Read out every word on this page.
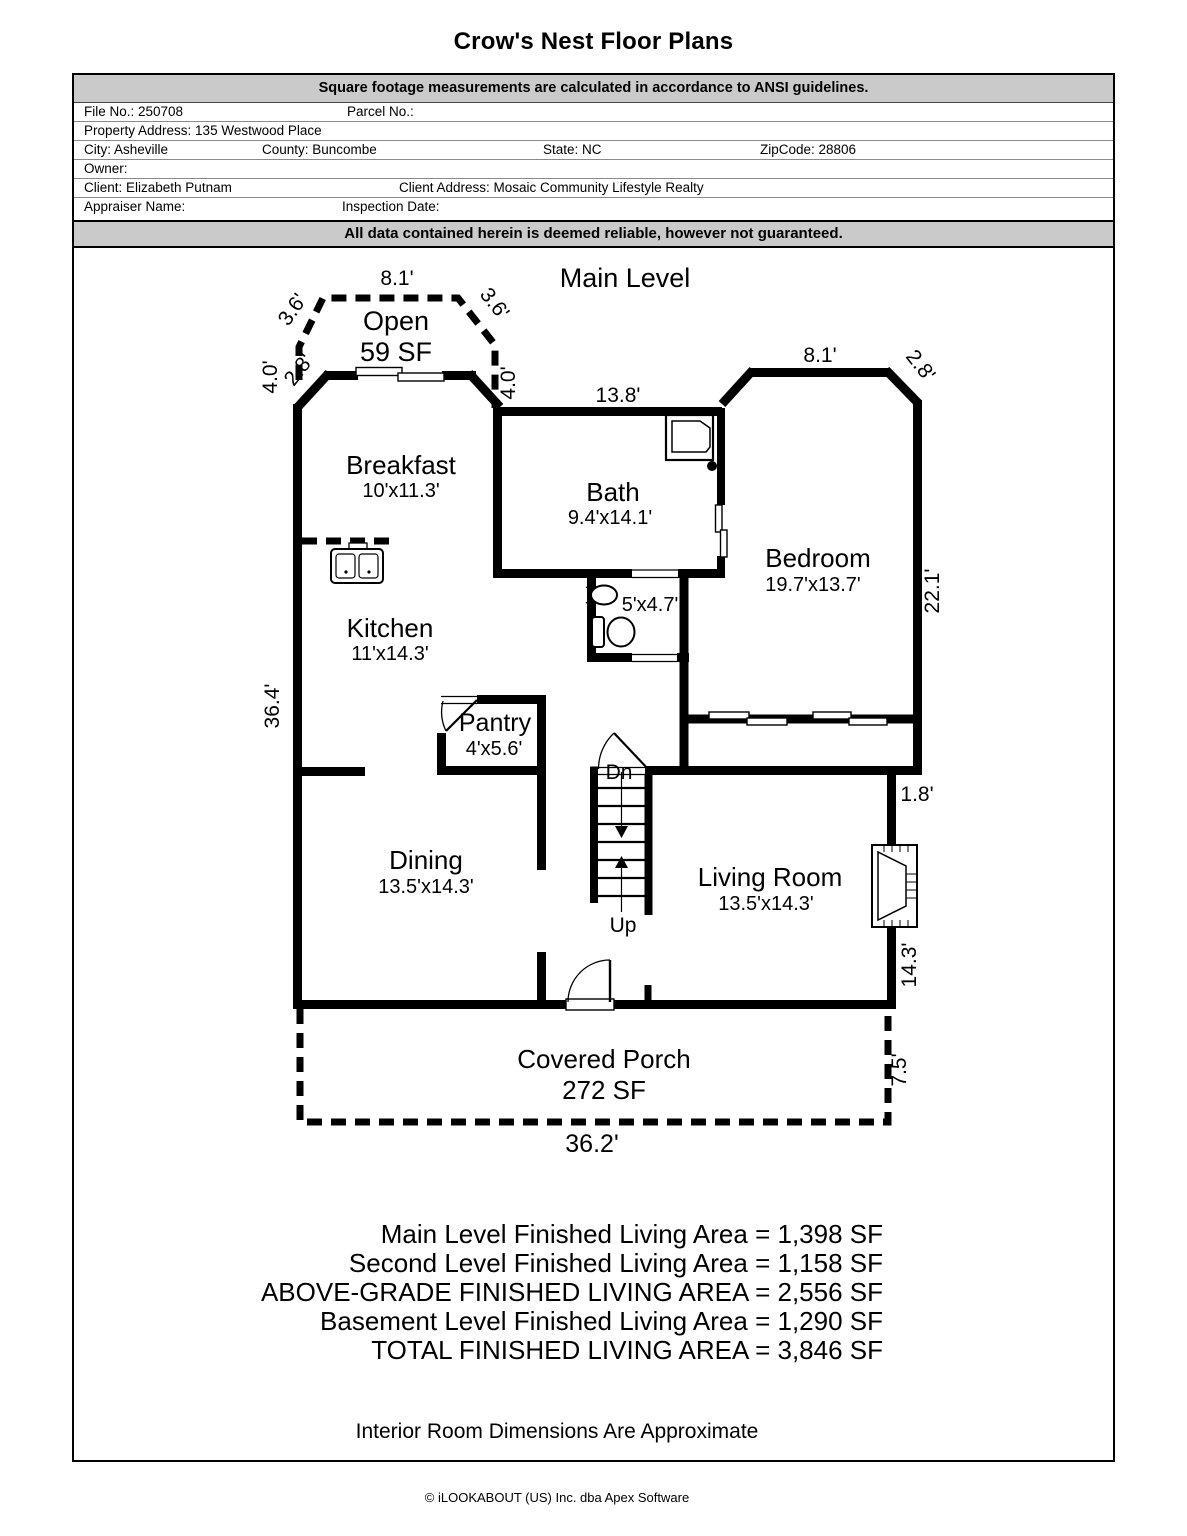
Crow's Nest Floor Plans
Square footage measurements are calculated in accordance to ANSI guidelines.
File No.: 250708	Parcel No.:
Property Address: 135 Westwood Place
City: Asheville	County: Buncombe	State: NC	ZipCode: 28806
Owner:
Client: Elizabeth Putnam	Client Address: Mosaic Community Lifestyle Realty
Appraiser Name:	Inspection Date:
All data contained herein is deemed reliable, however not guaranteed.
Main Level
8.1'
3.6'	3.6'
Open
59 SF
4.0'
2.8'	4.0'	13.8'
8.1'	2.8'
22.1'
Breakfast
10'x11.3'	Bath
9.4'x14.1'
Bedroom
19.7'x13.7'
5'x4.7'
Kitchen
11'x14.3'
36.4'	Pantry
4'x5.6'
Dn
Up
1.8'
Dining
13.5'x14.3'	Living Room
13.5'x14.3'
14.3'
Covered Porch
272 SF
7.5'
36.2'
Main Level Finished Living Area = 1,398 SF
Second Level Finished Living Area = 1,158 SF
ABOVE-GRADE FINISHED LIVING AREA = 2,556 SF
Basement Level Finished Living Area = 1,290 SF
TOTAL FINISHED LIVING AREA = 3,846 SF
Interior Room Dimensions Are Approximate
© iLOOKABOUT (US) Inc. dba Apex Software
